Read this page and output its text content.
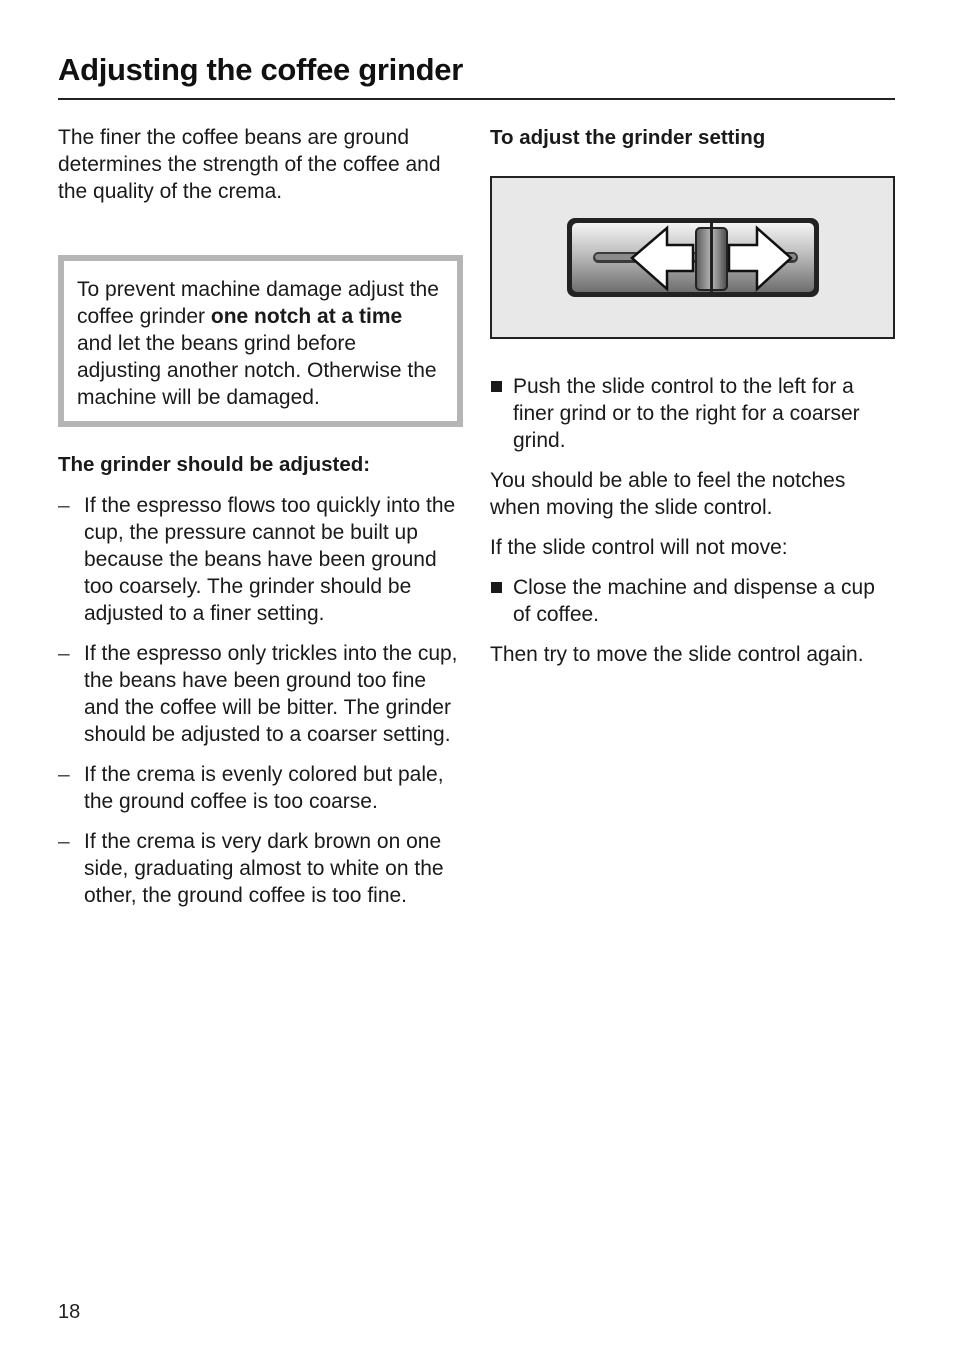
Adjusting the coffee grinder

The finer the coffee beans are ground determines the strength of the coffee and the quality of the crema.

To prevent machine damage adjust the coffee grinder one notch at a time and let the beans grind before adjusting another notch. Otherwise the machine will be damaged.

The grinder should be adjusted:

– If the espresso flows too quickly into the cup, the pressure cannot be built up because the beans have been ground too coarsely. The grinder should be adjusted to a finer setting.
– If the espresso only trickles into the cup, the beans have been ground too fine and the coffee will be bitter. The grinder should be adjusted to a coarser setting.
– If the crema is evenly colored but pale, the ground coffee is too coarse.
– If the crema is very dark brown on one side, graduating almost to white on the other, the ground coffee is too fine.

To adjust the grinder setting

Push the slide control to the left for a finer grind or to the right for a coarser grind.

You should be able to feel the notches when moving the slide control.

If the slide control will not move:

Close the machine and dispense a cup of coffee.

Then try to move the slide control again.

18
